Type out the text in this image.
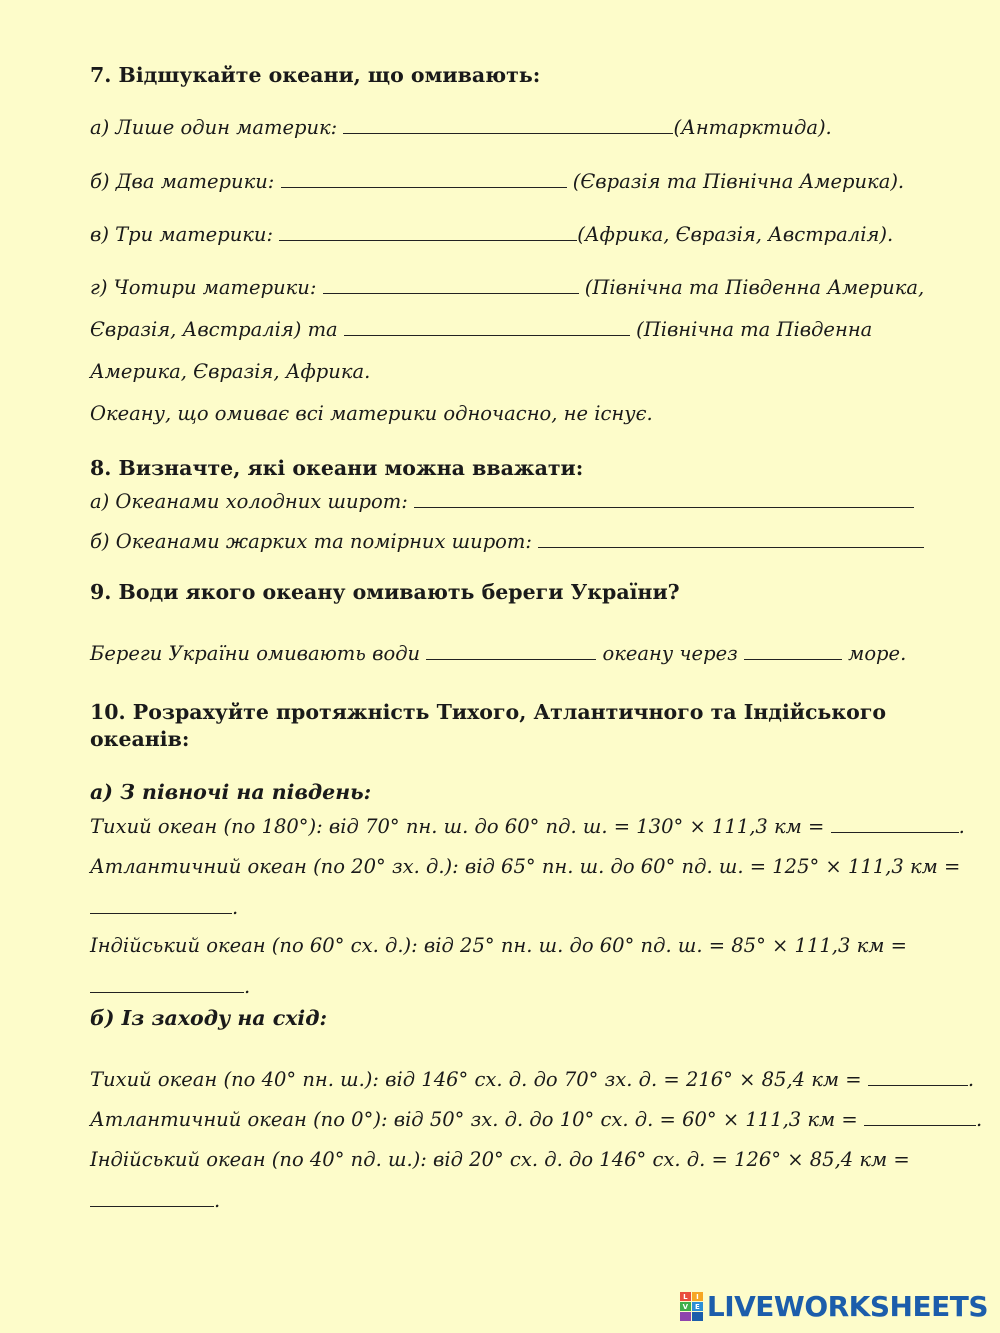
7. Відшукайте океани, що омивають:
а) Лише один материк:	(Антарктида).
б) Два материки:	(Євразія та Північна Америка).
в) Три материки:	(Африка, Євразія, Австралія).
г) Чотири материки:	(Північна та Південна Америка,
Євразія, Австралія) та	(Північна та Південна
Америка, Євразія, Африка.
Океану, що омиває всі материки одночасно, не існує.
8. Визначте, які океани можна вважати:
а) Океанами холодних широт:
б) Океанами жарких та помірних широт:
9. Води якого океану омивають береги України?
Береги України омивають води	океану через	море.
10. Розрахуйте протяжність Тихого, Атлантичного та Індійського
океанів:
а) З півночі на південь:
Тихий океан (по 180°): від 70° пн. ш. до 60° пд. ш. = 130° × 111,3 км =	.
Атлантичний океан (по 20° зх. д.): від 65° пн. ш. до 60° пд. ш. = 125° × 111,3 км =
.
Індійський океан (по 60° сх. д.): від 25° пн. ш. до 60° пд. ш. = 85° × 111,3 км =
.
б) Із заходу на схід:
Тихий океан (по 40° пн. ш.): від 146° сх. д. до 70° зх. д. = 216° × 85,4 км =	.
Атлантичний океан (по 0°): від 50° зх. д. до 10° сх. д. = 60° × 111,3 км =	.
Індійський океан (по 40° пд. ш.): від 20° сх. д. до 146° сх. д. = 126° × 85,4 км =
.
L	I
V E LIVEWORKSHEETS
